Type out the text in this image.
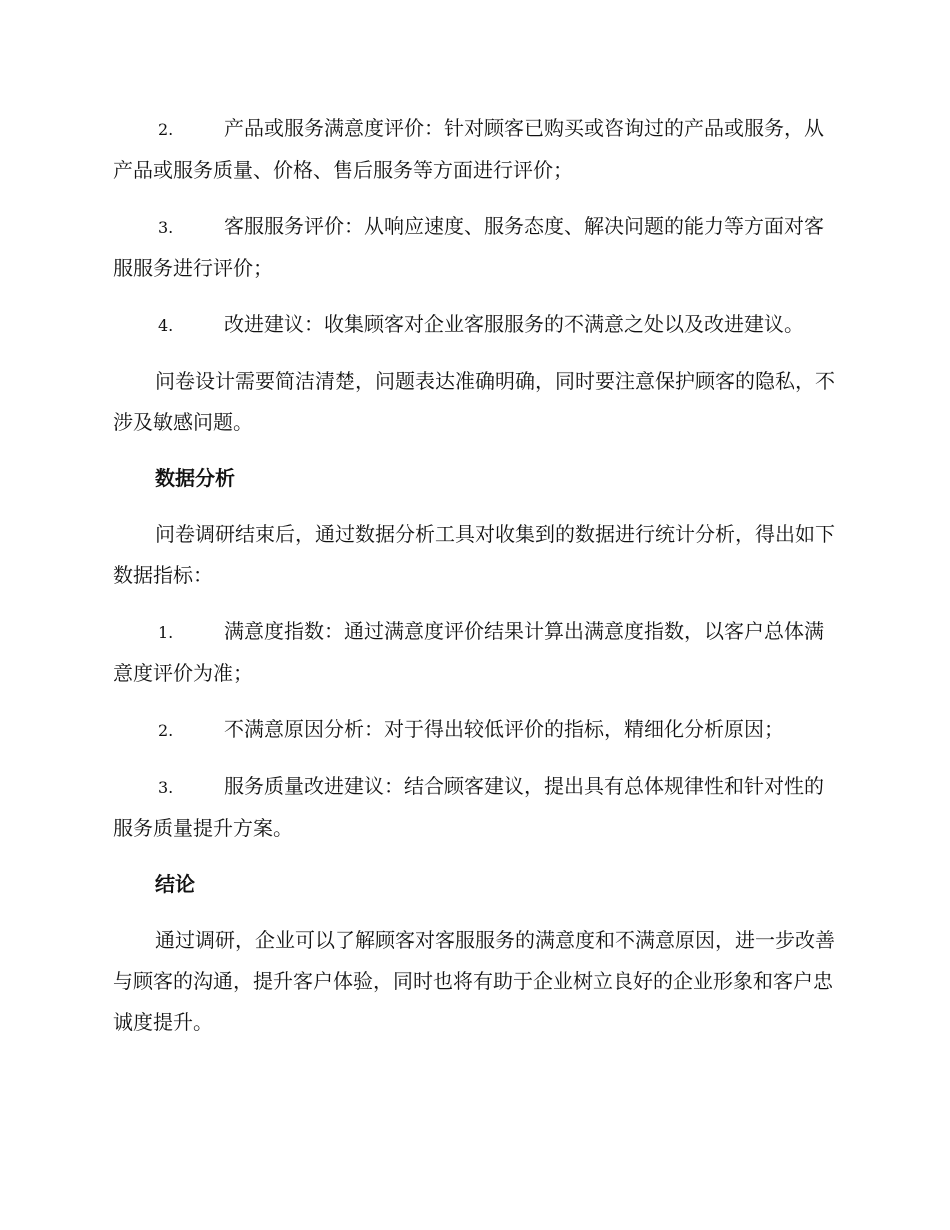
2.	产品或服务满意度评价：针对顾客已购买或咨询过的产品或服务，从产品或服务质量、价格、售后服务等方面进行评价；

3.	客服服务评价：从响应速度、服务态度、解决问题的能力等方面对客服服务进行评价；

4.	改进建议：收集顾客对企业客服服务的不满意之处以及改进建议。

问卷设计需要简洁清楚，问题表达准确明确，同时要注意保护顾客的隐私，不涉及敏感问题。

数据分析

问卷调研结束后，通过数据分析工具对收集到的数据进行统计分析，得出如下数据指标：

1.	满意度指数：通过满意度评价结果计算出满意度指数，以客户总体满意度评价为准；

2.	不满意原因分析：对于得出较低评价的指标，精细化分析原因；

3.	服务质量改进建议：结合顾客建议，提出具有总体规律性和针对性的服务质量提升方案。

结论

通过调研，企业可以了解顾客对客服服务的满意度和不满意原因，进一步改善与顾客的沟通，提升客户体验，同时也将有助于企业树立良好的企业形象和客户忠诚度提升。
